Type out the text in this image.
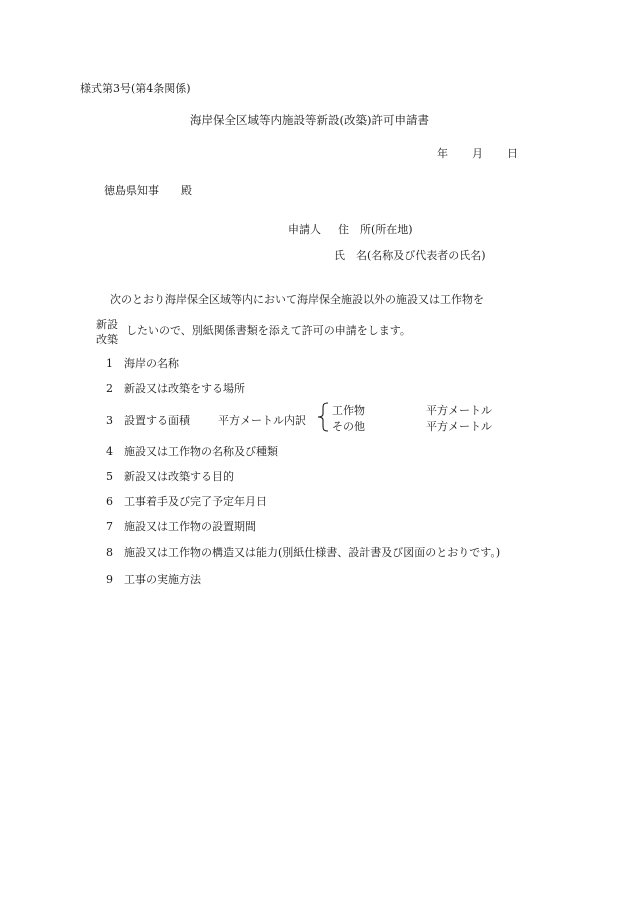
様式第3号(第4条関係)
海岸保全区域等内施設等新設(改築)許可申請書
年 月 日
徳島県知事 殿
申請人 住　所(所在地)
氏　名(名称及び代表者の氏名)
次のとおり海岸保全区域等内において海岸保全施設以外の施設又は工作物を
新設
改築
したいので、別紙関係書類を添えて許可の申請をします。
1 海岸の名称
2 新設又は改築をする場所
3 設置する面積	平方メートル内訳
工作物	平方メートル
その他	平方メートル
4 施設又は工作物の名称及び種類
5 新設又は改築する目的
6 工事着手及び完了予定年月日
7 施設又は工作物の設置期間
8 施設又は工作物の構造又は能力(別紙仕様書、設計書及び図面のとおりです。)
9 工事の実施方法
